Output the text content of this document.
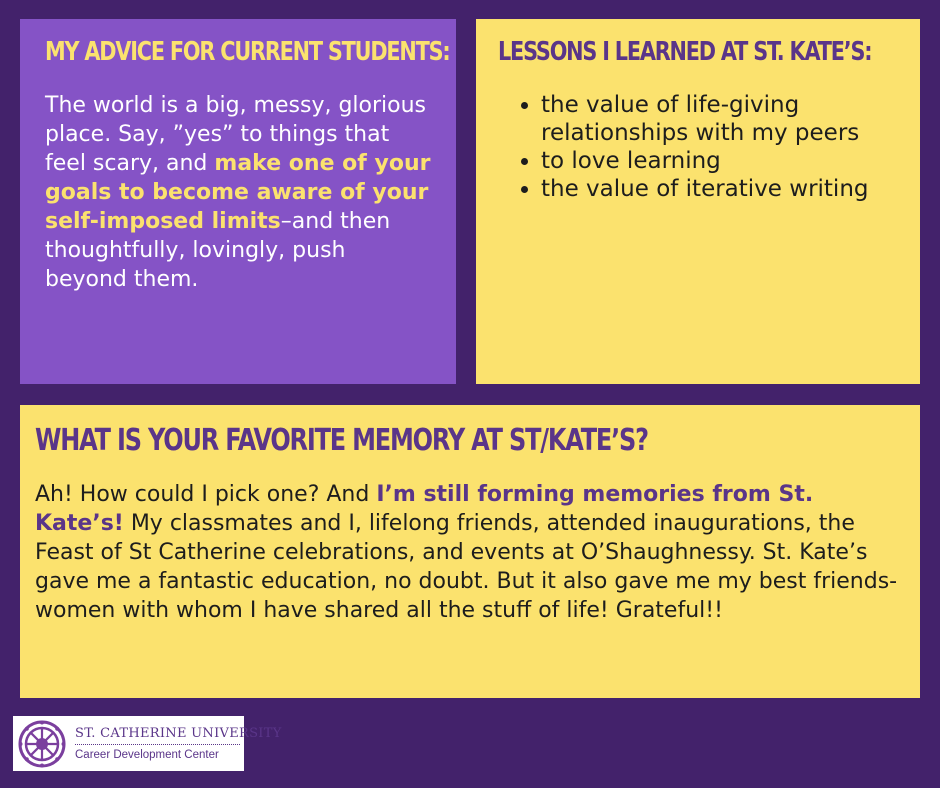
MY ADVICE FOR CURRENT STUDENTS:

The world is a big, messy, glorious place. Say, ”yes” to things that feel scary, and make one of your goals to become aware of your self-imposed limits–and then thoughtfully, lovingly, push beyond them.

LESSONS I LEARNED AT ST. KATE’S:
• the value of life-giving relationships with my peers
• to love learning
• the value of iterative writing
WHAT IS YOUR FAVORITE MEMORY AT ST/KATE’S?

Ah! How could I pick one? And I’m still forming memories from St. Kate’s! My classmates and I, lifelong friends, attended inaugurations, the Feast of St Catherine celebrations, and events at O’Shaughnessy. St. Kate’s gave me a fantastic education, no doubt. But it also gave me my best friends-women with whom I have shared all the stuff of life! Grateful!!

ST. CATHERINE UNIVERSITY
Career Development Center
